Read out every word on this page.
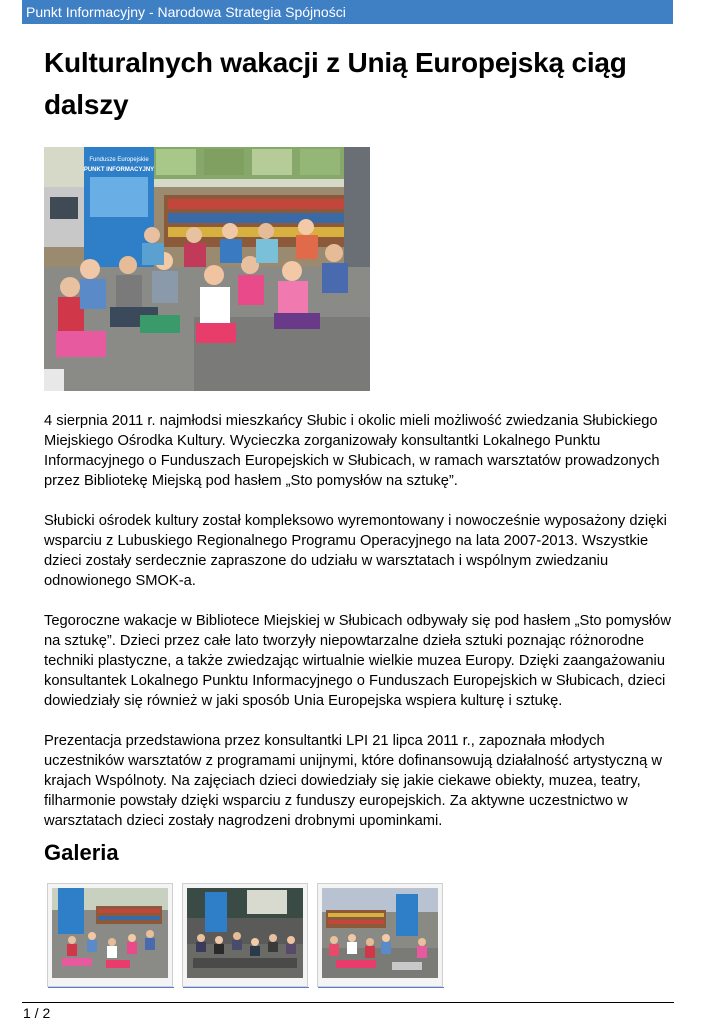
Punkt Informacyjny - Narodowa Strategia Spójności
Kulturalnych wakacji z Unią Europejską ciąg dalszy
Fundusze Europejskie
PUNKT INFORMACYJNY

4 sierpnia 2011 r. najmłodsi mieszkańcy Słubic i okolic mieli możliwość zwiedzania Słubickiego Miejskiego Ośrodka Kultury. Wycieczka zorganizowały konsultantki Lokalnego Punktu Informacyjnego o Funduszach Europejskich w Słubicach, w ramach warsztatów prowadzonych przez Bibliotekę Miejską pod hasłem „Sto pomysłów na sztukę”.

Słubicki ośrodek kultury został kompleksowo wyremontowany i nowocześnie wyposażony dzięki wsparciu z Lubuskiego Regionalnego Programu Operacyjnego na lata 2007-2013. Wszystkie dzieci zostały serdecznie zapraszone do udziału w warsztatach i wspólnym zwiedzaniu odnowionego SMOK-a.

Tegoroczne wakacje w Bibliotece Miejskiej w Słubicach odbywały się pod hasłem „Sto pomysłów na sztukę”. Dzieci przez całe lato tworzyły niepowtarzalne dzieła sztuki poznając różnorodne techniki plastyczne, a także zwiedzając wirtualnie wielkie muzea Europy. Dzięki zaangażowaniu konsultantek Lokalnego Punktu Informacyjnego o Funduszach Europejskich w Słubicach, dzieci dowiedziały się również w jaki sposób Unia Europejska wspiera kulturę i sztukę.

Prezentacja przedstawiona przez konsultantki LPI 21 lipca 2011 r., zapoznała młodych uczestników warsztatów z programami unijnymi, które dofinansowują działalność artystyczną w krajach Wspólnoty. Na zajęciach dzieci dowiedziały się jakie ciekawe obiekty, muzea, teatry, filharmonie powstały dzięki wsparciu z funduszy europejskich. Za aktywne uczestnictwo w warsztatach dzieci zostały nagrodzeni drobnymi upominkami.

Galeria
1 / 2
